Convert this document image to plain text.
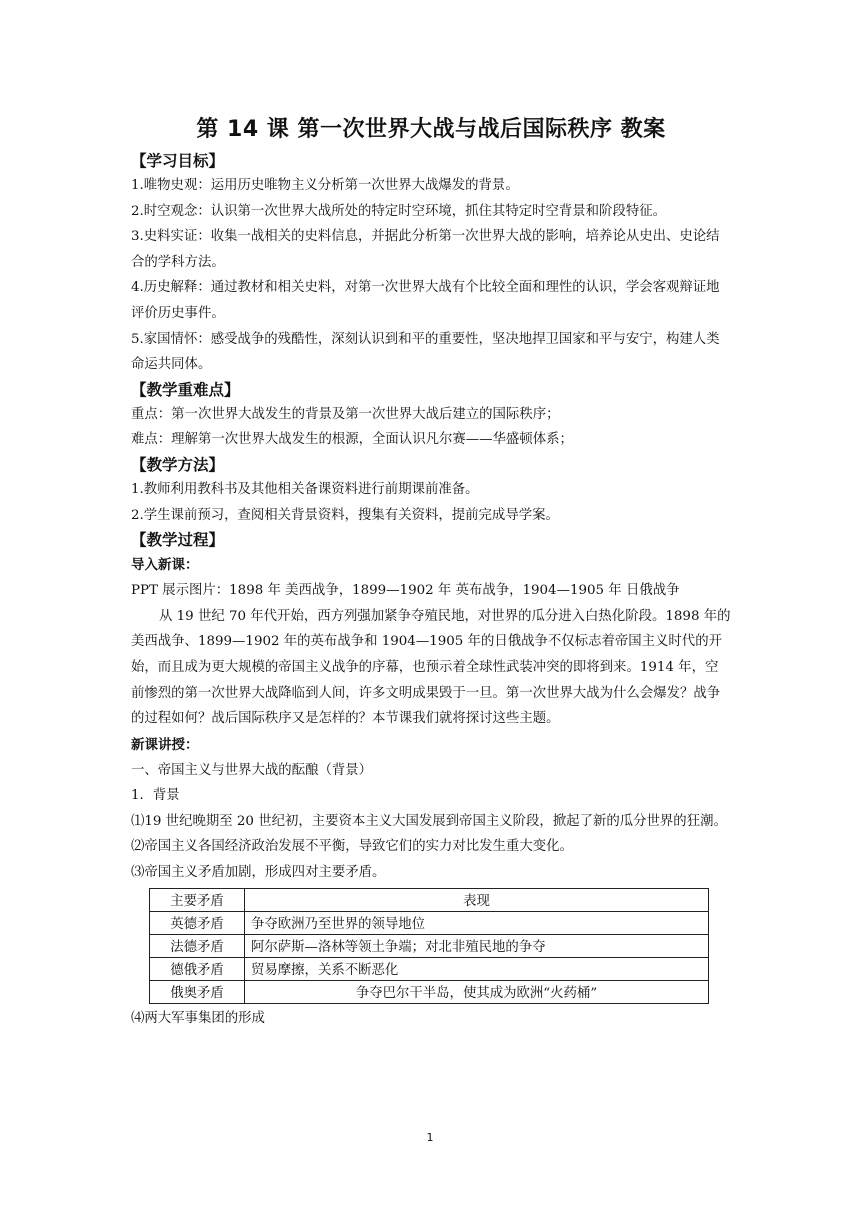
第 14 课 第一次世界大战与战后国际秩序 教案
【学习目标】
1.唯物史观：运用历史唯物主义分析第一次世界大战爆发的背景。
2.时空观念：认识第一次世界大战所处的特定时空环境，抓住其特定时空背景和阶段特征。
3.史料实证：收集一战相关的史料信息，并据此分析第一次世界大战的影响，培养论从史出、史论结合的学科方法。
4.历史解释：通过教材和相关史料，对第一次世界大战有个比较全面和理性的认识，学会客观辩证地评价历史事件。
5.家国情怀：感受战争的残酷性，深刻认识到和平的重要性，坚决地捍卫国家和平与安宁，构建人类命运共同体。
【教学重难点】
重点：第一次世界大战发生的背景及第一次世界大战后建立的国际秩序；
难点：理解第一次世界大战发生的根源，全面认识凡尔赛——华盛顿体系；
【教学方法】
1.教师利用教科书及其他相关备课资料进行前期课前准备。
2.学生课前预习，查阅相关背景资料，搜集有关资料，提前完成导学案。
【教学过程】
导入新课：
PPT 展示图片：1898 年 美西战争，1899—1902 年 英布战争，1904—1905 年 日俄战争
从 19 世纪 70 年代开始，西方列强加紧争夺殖民地，对世界的瓜分进入白热化阶段。1898 年的美西战争、1899—1902 年的英布战争和 1904—1905 年的日俄战争不仅标志着帝国主义时代的开始，而且成为更大规模的帝国主义战争的序幕，也预示着全球性武装冲突的即将到来。1914 年，空前惨烈的第一次世界大战降临到人间，许多文明成果毁于一旦。第一次世界大战为什么会爆发？战争的过程如何？战后国际秩序又是怎样的？本节课我们就将探讨这些主题。
新课讲授：
一、帝国主义与世界大战的酝酿（背景）
1．背景
⑴19 世纪晚期至 20 世纪初，主要资本主义大国发展到帝国主义阶段，掀起了新的瓜分世界的狂潮。
⑵帝国主义各国经济政治发展不平衡，导致它们的实力对比发生重大变化。
⑶帝国主义矛盾加剧，形成四对主要矛盾。
主要矛盾	表现
英德矛盾	争夺欧洲乃至世界的领导地位
法德矛盾	阿尔萨斯—洛林等领土争端；对北非殖民地的争夺
德俄矛盾	贸易摩擦，关系不断恶化
俄奥矛盾	争夺巴尔干半岛，使其成为欧洲“火药桶”
⑷两大军事集团的形成
1
